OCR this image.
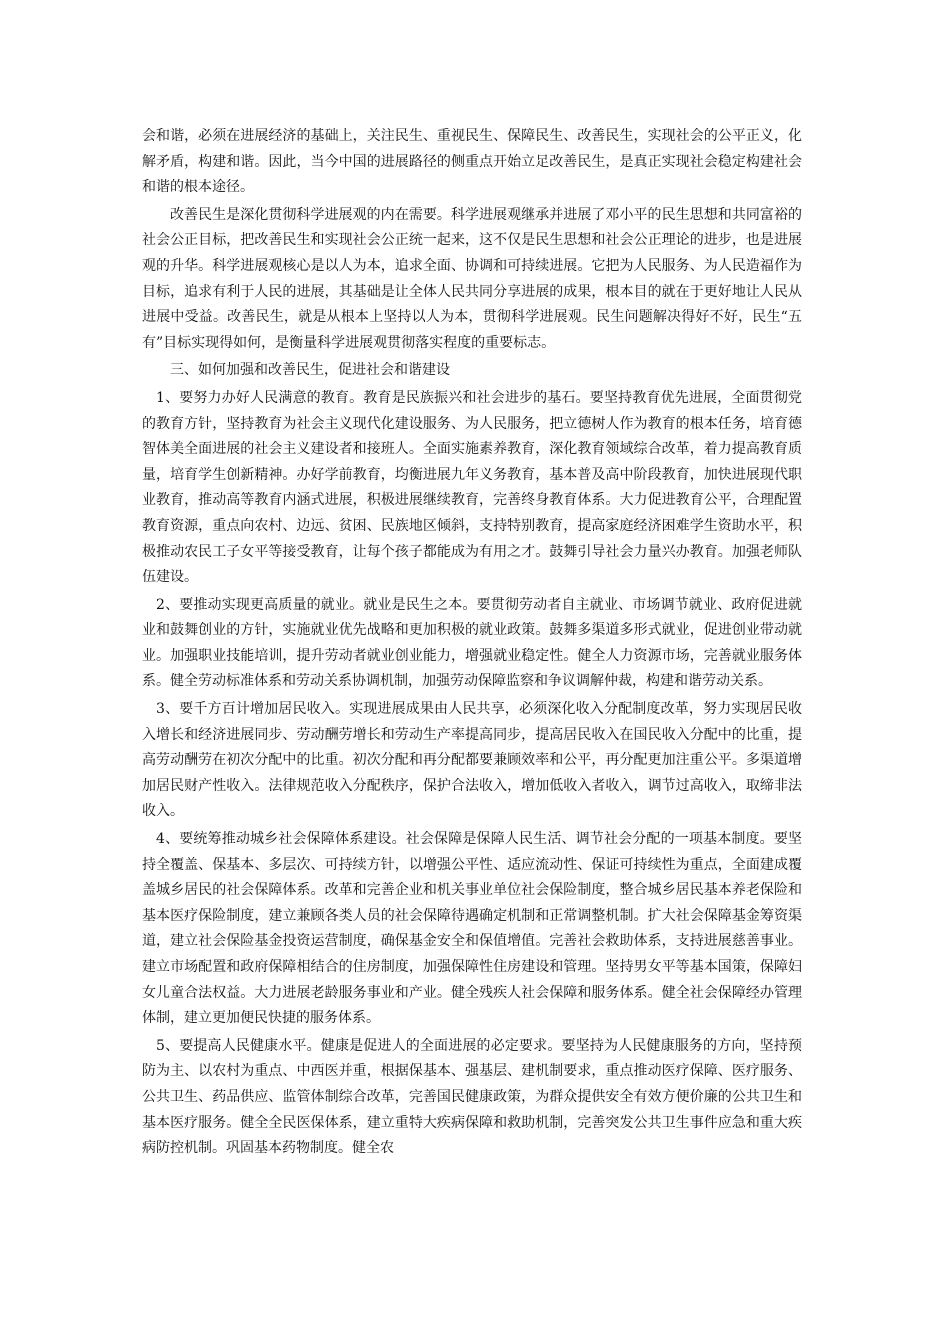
会和谐，必须在进展经济的基础上，关注民生、重视民生、保障民生、改善民生，实现社会的公平正义，化解矛盾，构建和谐。因此，当今中国的进展路径的侧重点开始立足改善民生，是真正实现社会稳定构建社会和谐的根本途径。

改善民生是深化贯彻科学进展观的内在需要。科学进展观继承并进展了邓小平的民生思想和共同富裕的社会公正目标，把改善民生和实现社会公正统一起来，这不仅是民生思想和社会公正理论的进步，也是进展观的升华。科学进展观核心是以人为本，追求全面、协调和可持续进展。它把为人民服务、为人民造福作为目标，追求有利于人民的进展，其基础是让全体人民共同分享进展的成果，根本目的就在于更好地让人民从进展中受益。改善民生，就是从根本上坚持以人为本，贯彻科学进展观。民生问题解决得好不好，民生“五有”目标实现得如何，是衡量科学进展观贯彻落实程度的重要标志。

三、如何加强和改善民生，促进社会和谐建设

1、要努力办好人民满意的教育。教育是民族振兴和社会进步的基石。要坚持教育优先进展，全面贯彻党的教育方针，坚持教育为社会主义现代化建设服务、为人民服务，把立德树人作为教育的根本任务，培育德智体美全面进展的社会主义建设者和接班人。全面实施素养教育，深化教育领域综合改革，着力提高教育质量，培育学生创新精神。办好学前教育，均衡进展九年义务教育，基本普及高中阶段教育，加快进展现代职业教育，推动高等教育内涵式进展，积极进展继续教育，完善终身教育体系。大力促进教育公平，合理配置教育资源，重点向农村、边远、贫困、民族地区倾斜，支持特别教育，提高家庭经济困难学生资助水平，积极推动农民工子女平等接受教育，让每个孩子都能成为有用之才。鼓舞引导社会力量兴办教育。加强老师队伍建设。

2、要推动实现更高质量的就业。就业是民生之本。要贯彻劳动者自主就业、市场调节就业、政府促进就业和鼓舞创业的方针，实施就业优先战略和更加积极的就业政策。鼓舞多渠道多形式就业，促进创业带动就业。加强职业技能培训，提升劳动者就业创业能力，增强就业稳定性。健全人力资源市场，完善就业服务体系。健全劳动标准体系和劳动关系协调机制，加强劳动保障监察和争议调解仲裁，构建和谐劳动关系。

3、要千方百计增加居民收入。实现进展成果由人民共享，必须深化收入分配制度改革，努力实现居民收入增长和经济进展同步、劳动酬劳增长和劳动生产率提高同步，提高居民收入在国民收入分配中的比重，提高劳动酬劳在初次分配中的比重。初次分配和再分配都要兼顾效率和公平，再分配更加注重公平。多渠道增加居民财产性收入。法律规范收入分配秩序，保护合法收入，增加低收入者收入，调节过高收入，取缔非法收入。

4、要统筹推动城乡社会保障体系建设。社会保障是保障人民生活、调节社会分配的一项基本制度。要坚持全覆盖、保基本、多层次、可持续方针，以增强公平性、适应流动性、保证可持续性为重点，全面建成覆盖城乡居民的社会保障体系。改革和完善企业和机关事业单位社会保险制度，整合城乡居民基本养老保险和基本医疗保险制度，建立兼顾各类人员的社会保障待遇确定机制和正常调整机制。扩大社会保障基金筹资渠道，建立社会保险基金投资运营制度，确保基金安全和保值增值。完善社会救助体系，支持进展慈善事业。建立市场配置和政府保障相结合的住房制度，加强保障性住房建设和管理。坚持男女平等基本国策，保障妇女儿童合法权益。大力进展老龄服务事业和产业。健全残疾人社会保障和服务体系。健全社会保障经办管理体制，建立更加便民快捷的服务体系。

5、要提高人民健康水平。健康是促进人的全面进展的必定要求。要坚持为人民健康服务的方向，坚持预防为主、以农村为重点、中西医并重，根据保基本、强基层、建机制要求，重点推动医疗保障、医疗服务、公共卫生、药品供应、监管体制综合改革，完善国民健康政策，为群众提供安全有效方便价廉的公共卫生和基本医疗服务。健全全民医保体系，建立重特大疾病保障和救助机制，完善突发公共卫生事件应急和重大疾病防控机制。巩固基本药物制度。健全农
